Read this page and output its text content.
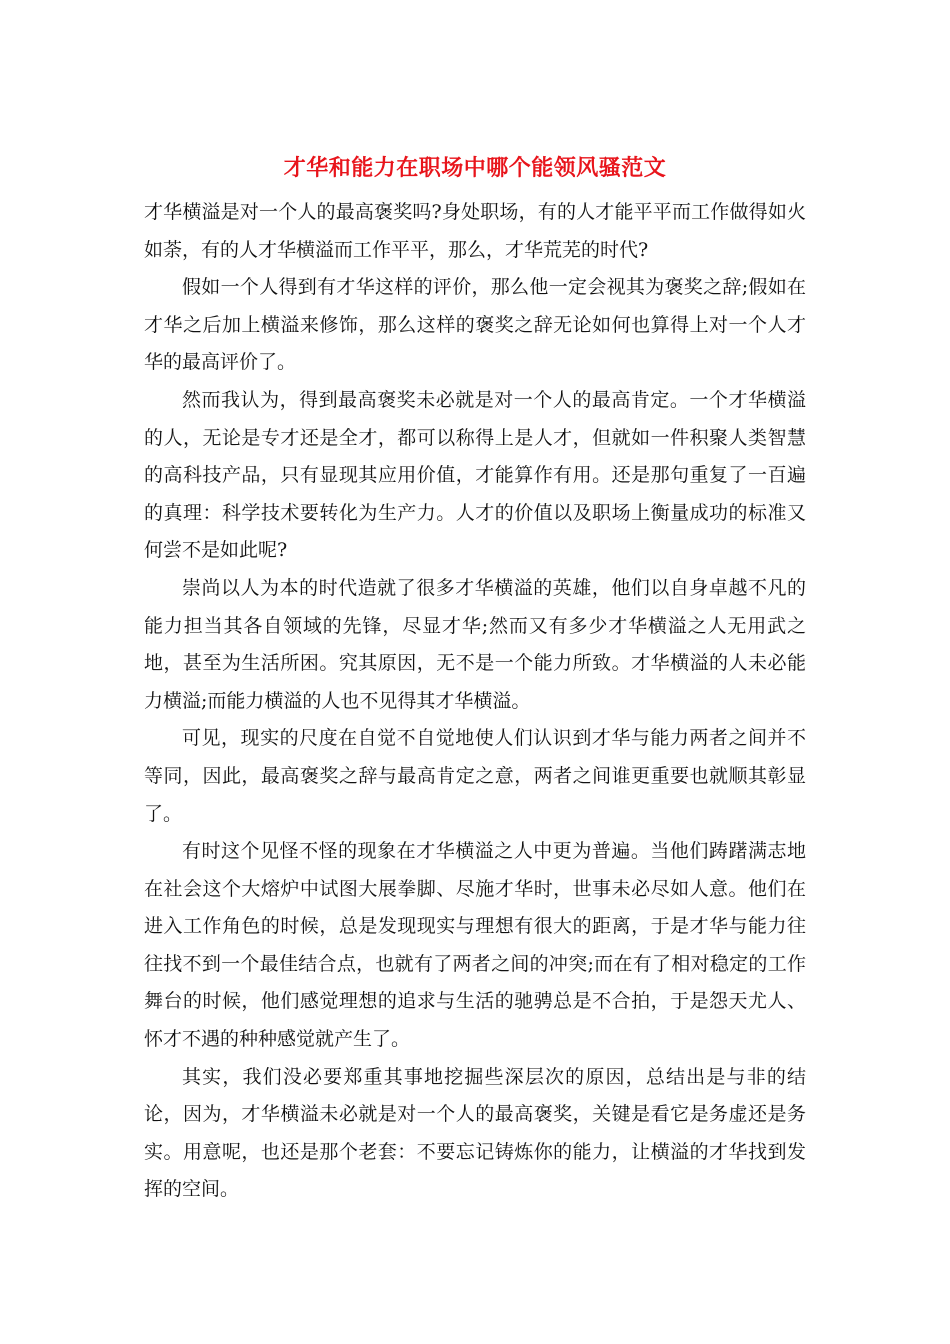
才华和能力在职场中哪个能领风骚范文

才华横溢是对一个人的最高褒奖吗?身处职场，有的人才能平平而工作做得如火如荼，有的人才华横溢而工作平平，那么，才华荒芜的时代?

假如一个人得到有才华这样的评价，那么他一定会视其为褒奖之辞;假如在才华之后加上横溢来修饰，那么这样的褒奖之辞无论如何也算得上对一个人才华的最高评价了。

然而我认为，得到最高褒奖未必就是对一个人的最高肯定。一个才华横溢的人，无论是专才还是全才，都可以称得上是人才，但就如一件积聚人类智慧的高科技产品，只有显现其应用价值，才能算作有用。还是那句重复了一百遍的真理：科学技术要转化为生产力。人才的价值以及职场上衡量成功的标准又何尝不是如此呢?

崇尚以人为本的时代造就了很多才华横溢的英雄，他们以自身卓越不凡的能力担当其各自领域的先锋，尽显才华;然而又有多少才华横溢之人无用武之地，甚至为生活所困。究其原因，无不是一个能力所致。才华横溢的人未必能力横溢;而能力横溢的人也不见得其才华横溢。

可见，现实的尺度在自觉不自觉地使人们认识到才华与能力两者之间并不等同，因此，最高褒奖之辞与最高肯定之意，两者之间谁更重要也就顺其彰显了。

有时这个见怪不怪的现象在才华横溢之人中更为普遍。当他们踌躇满志地在社会这个大熔炉中试图大展拳脚、尽施才华时，世事未必尽如人意。他们在进入工作角色的时候，总是发现现实与理想有很大的距离，于是才华与能力往往找不到一个最佳结合点，也就有了两者之间的冲突;而在有了相对稳定的工作舞台的时候，他们感觉理想的追求与生活的驰骋总是不合拍，于是怨天尤人、怀才不遇的种种感觉就产生了。

其实，我们没必要郑重其事地挖掘些深层次的原因，总结出是与非的结论，因为，才华横溢未必就是对一个人的最高褒奖，关键是看它是务虚还是务实。用意呢，也还是那个老套：不要忘记铸炼你的能力，让横溢的才华找到发挥的空间。
